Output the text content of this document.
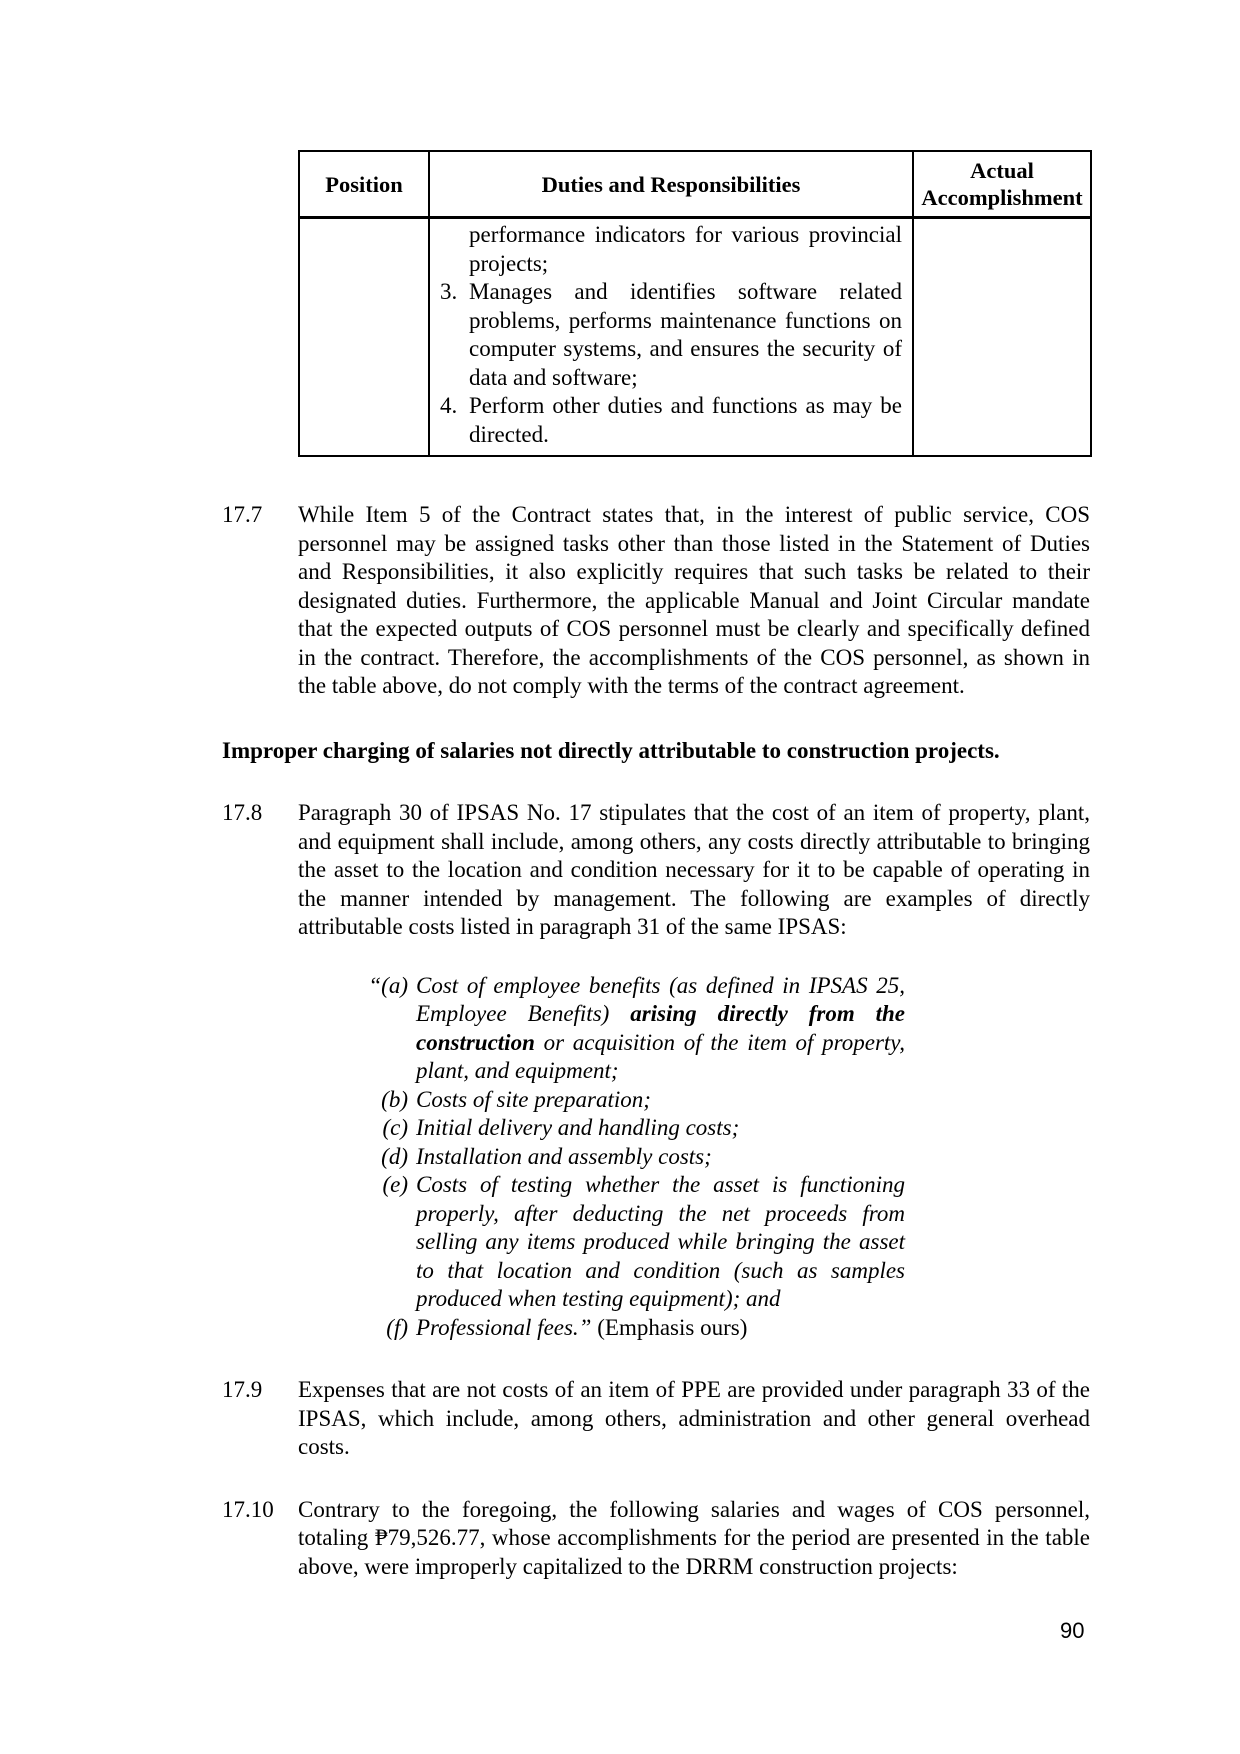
Position	Duties and Responsibilities	Actual Accomplishment

	performance indicators for various provincial projects;
3. Manages and identifies software related problems, performs maintenance functions on computer systems, and ensures the security of data and software;
4. Perform other duties and functions as may be directed.	

17.7	While Item 5 of the Contract states that, in the interest of public service, COS personnel may be assigned tasks other than those listed in the Statement of Duties and Responsibilities, it also explicitly requires that such tasks be related to their designated duties. Furthermore, the applicable Manual and Joint Circular mandate that the expected outputs of COS personnel must be clearly and specifically defined in the contract. Therefore, the accomplishments of the COS personnel, as shown in the table above, do not comply with the terms of the contract agreement.
Improper charging of salaries not directly attributable to construction projects.
17.8	Paragraph 30 of IPSAS No. 17 stipulates that the cost of an item of property, plant, and equipment shall include, among others, any costs directly attributable to bringing the asset to the location and condition necessary for it to be capable of operating in the manner intended by management. The following are examples of directly attributable costs listed in paragraph 31 of the same IPSAS:
“(a) Cost of employee benefits (as defined in IPSAS 25, Employee Benefits) arising directly from the construction or acquisition of the item of property, plant, and equipment;
(b) Costs of site preparation;
(c) Initial delivery and handling costs;
(d) Installation and assembly costs;
(e) Costs of testing whether the asset is functioning properly, after deducting the net proceeds from selling any items produced while bringing the asset to that location and condition (such as samples produced when testing equipment); and
(f) Professional fees.” (Emphasis ours)
17.9	Expenses that are not costs of an item of PPE are provided under paragraph 33 of the IPSAS, which include, among others, administration and other general overhead costs.
17.10	Contrary to the foregoing, the following salaries and wages of COS personnel, totaling ₱79,526.77, whose accomplishments for the period are presented in the table above, were improperly capitalized to the DRRM construction projects:
90
